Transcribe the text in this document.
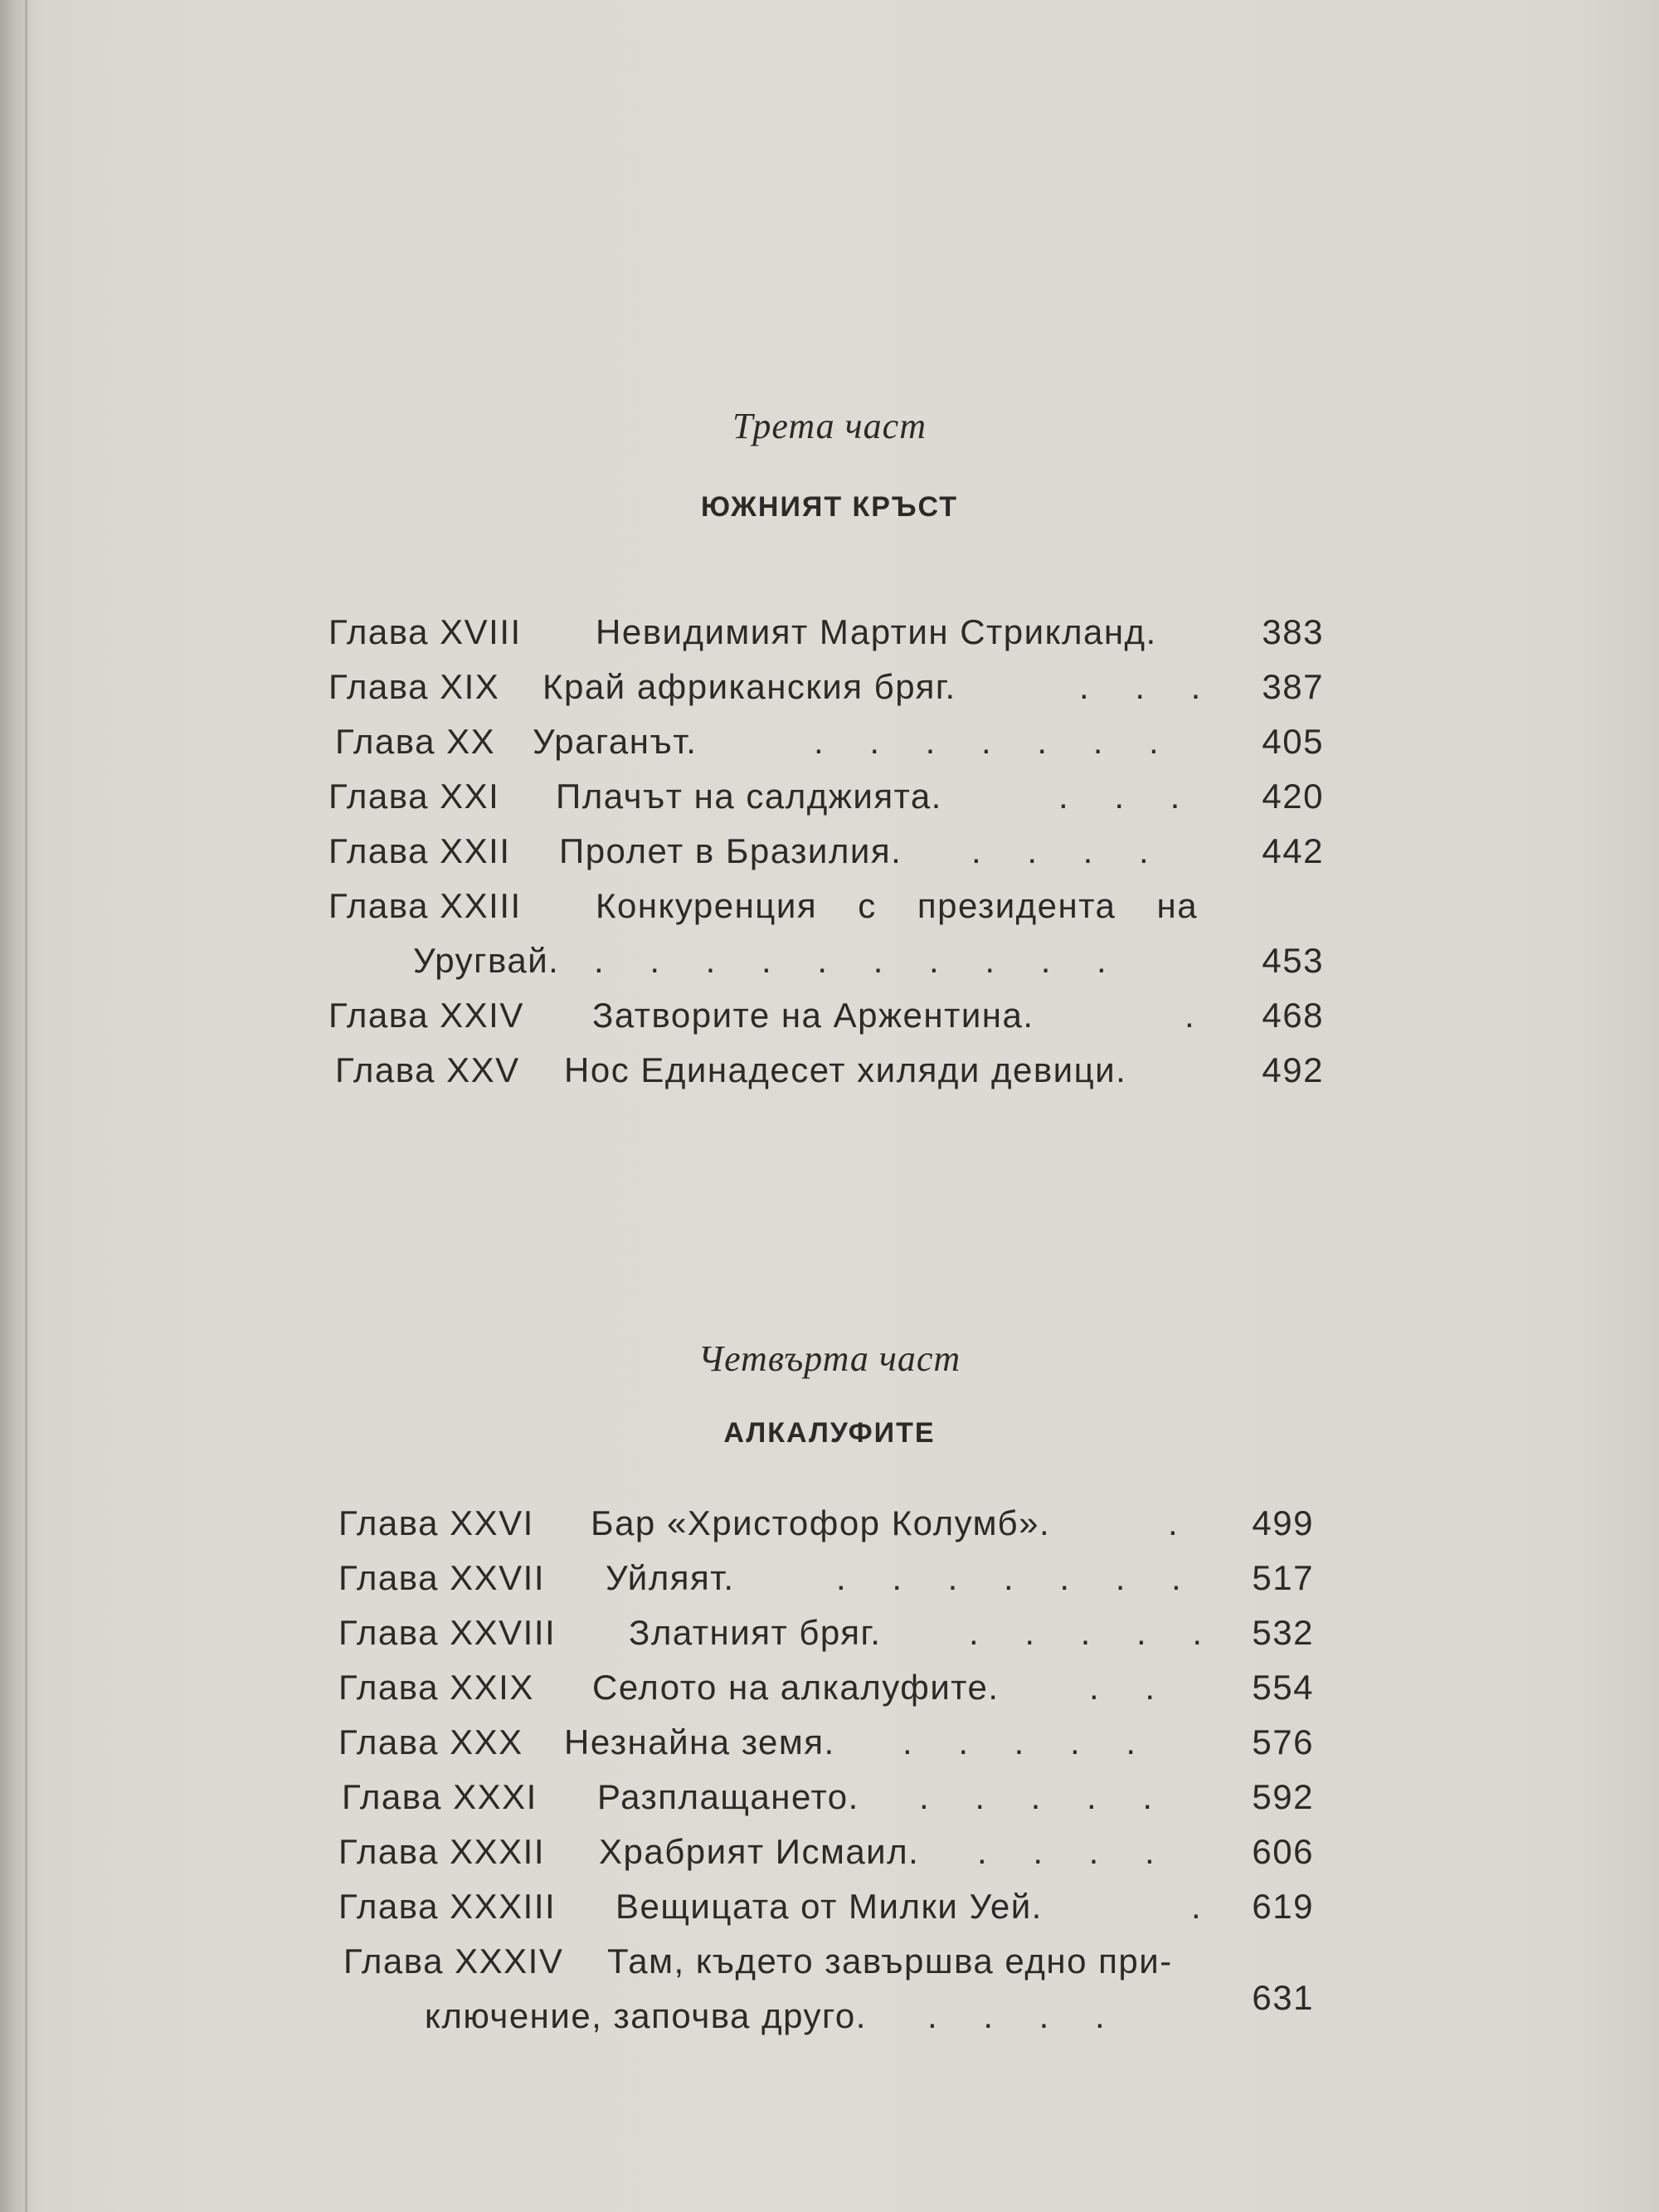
Трета част
ЮЖНИЯТ КРЪСТ
Глава XVIII Невидимият Мартин Стрикланд.	383
Глава XIX Край африканския бряг.	. . . 387
Глава XX Ураганът.	. . . . . . . 405
Глава XXI Плачът на салджията.	. . . 420
Глава XXII Пролет в Бразилия. . . . .	442
Глава XXIII Конкуренция с президента на
Уругвай. . . . . . . . . . .	453
Глава XXIV Затворите на Аржентина.	. 468
Глава XXV Нос Единадесет хиляди девици.	492
Четвърта част
АЛКАЛУФИТЕ
Глава XXVI Бар «Христофор Колумб».	. 499
Глава XXVII Уйляят.	. . . . . . . 517
Глава XXVIII Златният бряг.	. . . . . 532
Глава XXIX Селото на алкалуфите.	. . 554
Глава XXX Незнайна земя. . . . . .	576
Глава XXXI Разплащането. . . . . . 592
Глава XXXII Храбрият Исмаил. . . . . 606
Глава XXXIII Вещицата от Милки Уей.	. 619
Глава XXXIV Там, където завършва едно при-
ключение, започва друго. . . . .	631
